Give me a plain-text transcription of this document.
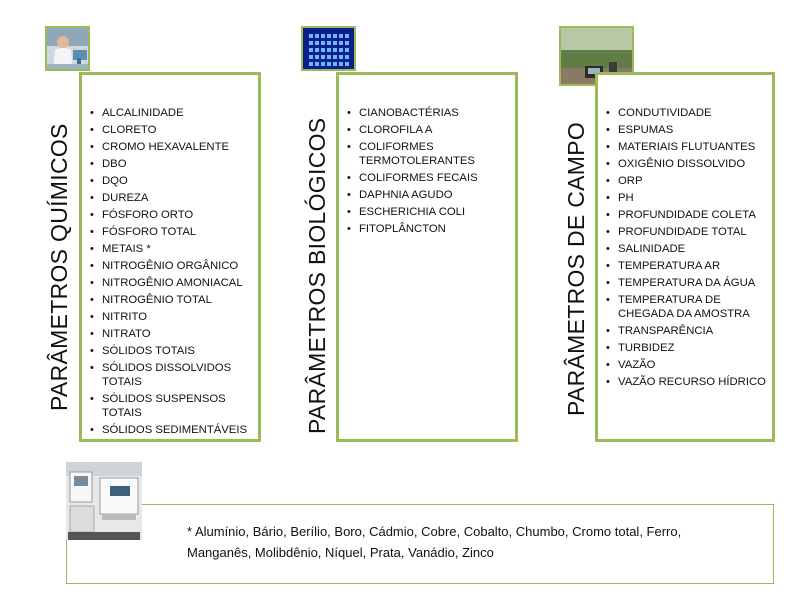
• ALCALINIDADE
• CLORETO
• CROMO HEXAVALENTE
• DBO
• DQO
• DUREZA
• FÓSFORO ORTO
• FÓSFORO TOTAL
• METAIS *
• NITROGÊNIO ORGÂNICO
• NITROGÊNIO AMONIACAL
• NITROGÊNIO TOTAL
• NITRITO
• NITRATO
• SÓLIDOS TOTAIS
• SÓLIDOS DISSOLVIDOS TOTAIS
• SÓLIDOS SUSPENSOS TOTAIS
• SÓLIDOS SEDIMENTÁVEIS
PARÂMETROS QUÍMICOS
• CIANOBACTÉRIAS
• CLOROFILA A
• COLIFORMES TERMOTOLERANTES
• COLIFORMES FECAIS
• DAPHNIA AGUDO
• ESCHERICHIA COLI
• FITOPLÂNCTON
PARÂMETROS BIOLÓGICOS
• CONDUTIVIDADE
• ESPUMAS
• MATERIAIS FLUTUANTES
• OXIGÊNIO DISSOLVIDO
• ORP
• PH
• PROFUNDIDADE COLETA
• PROFUNDIDADE TOTAL
• SALINIDADE
• TEMPERATURA AR
• TEMPERATURA DA ÁGUA
• TEMPERATURA DE CHEGADA DA AMOSTRA
• TRANSPARÊNCIA
• TURBIDEZ
• VAZÃO
• VAZÃO RECURSO HÍDRICO
PARÂMETROS DE CAMPO
* Alumínio, Bário, Berílio, Boro, Cádmio, Cobre, Cobalto, Chumbo, Cromo total, Ferro, Manganês, Molibdênio, Níquel, Prata, Vanádio, Zinco
